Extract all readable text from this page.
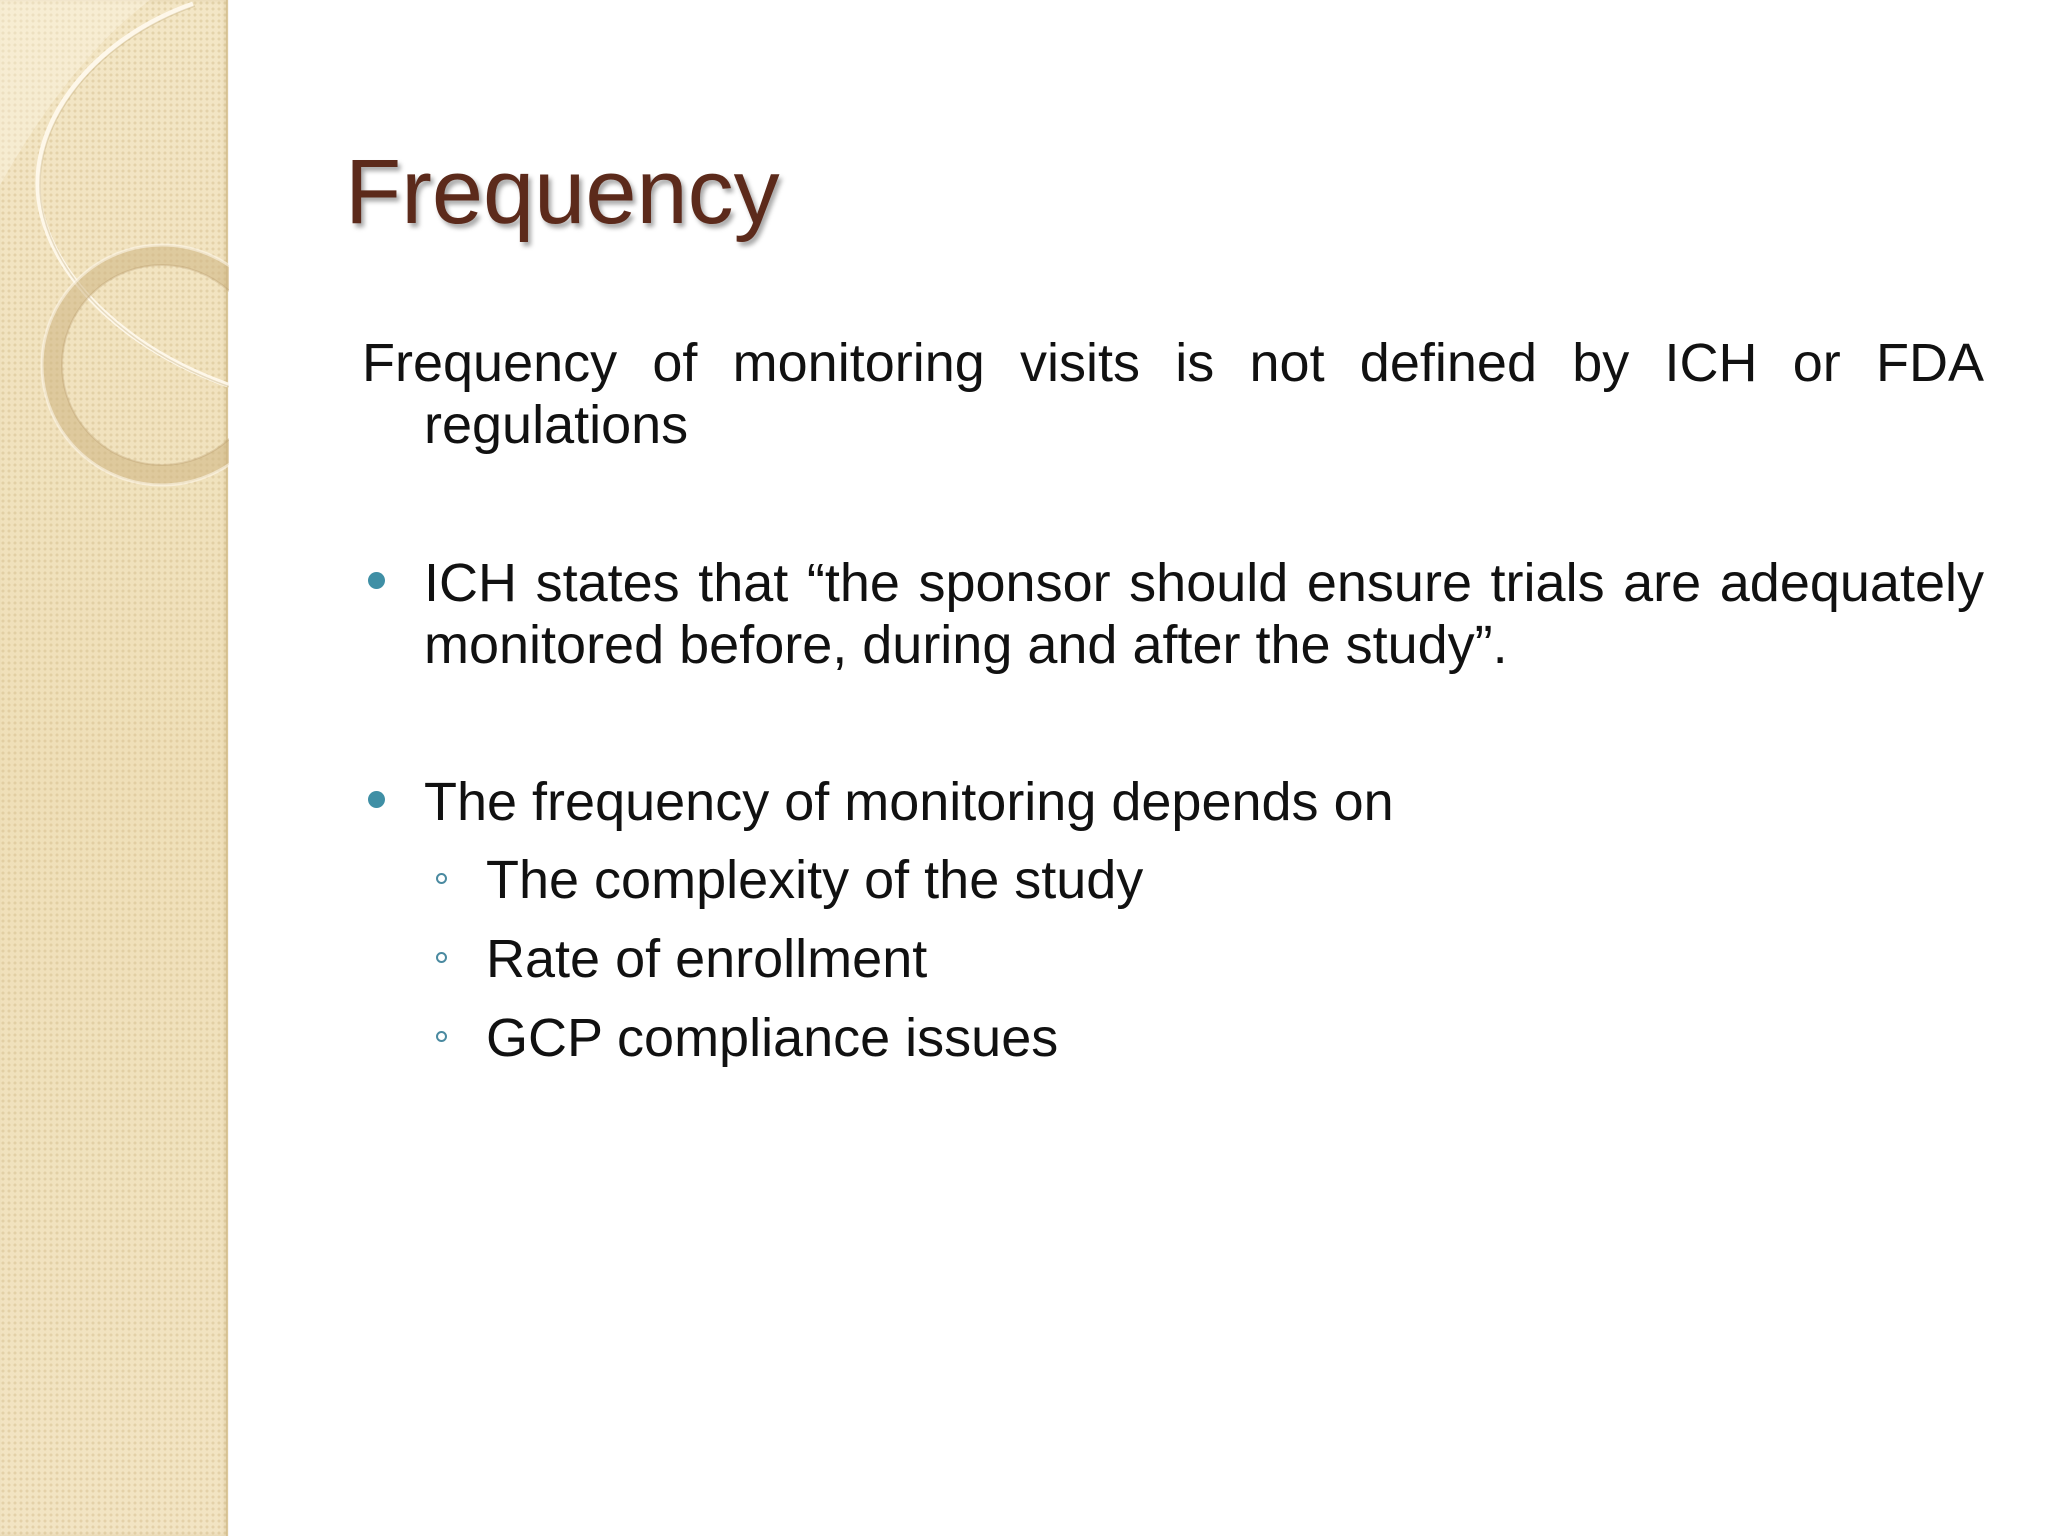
Frequency

Frequency of monitoring visits is not defined by ICH or FDA regulations

ICH states that “the sponsor should ensure trials are adequately monitored before, during and after the study”.
The frequency of monitoring depends on
The complexity of the study
Rate of enrollment
GCP compliance issues
